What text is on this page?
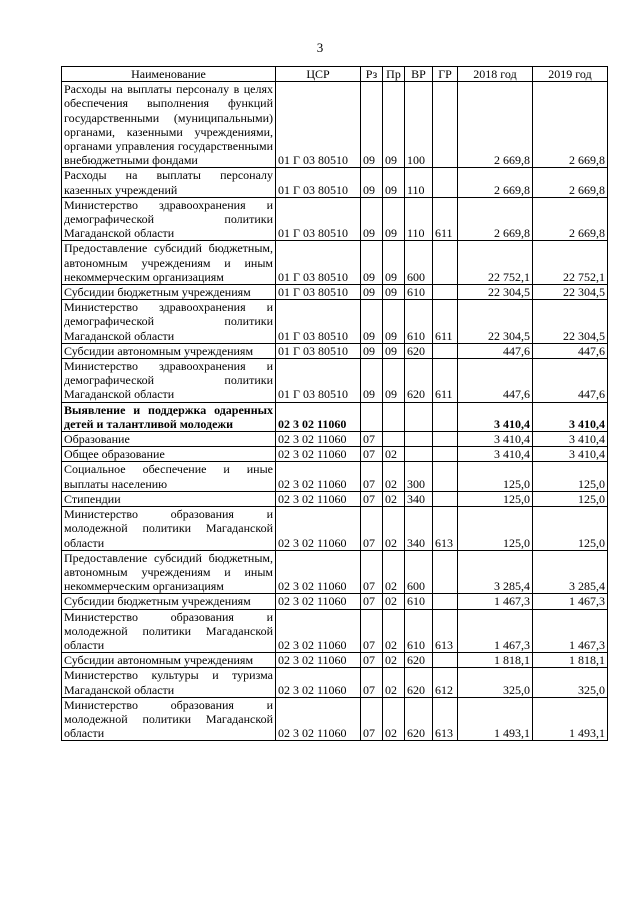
3
Наименование	ЦСР	Рз	Пр	ВР	ГР	2018 год	2019 год
Расходы на выплаты персоналу в целях обеспечения выполнения функций государственными (муниципальными) органами, казенными учреждениями, органами управления государственными внебюджетными фондами	01 Г 03 80510	09	09	100		2 669,8	2 669,8
Расходы на выплаты персоналу казенных учреждений	01 Г 03 80510	09	09	110		2 669,8	2 669,8
Министерство здравоохранения и демографической политики Магаданской области	01 Г 03 80510	09	09	110	611	2 669,8	2 669,8
Предоставление субсидий бюджетным, автономным учреждениям и иным некоммерческим организациям	01 Г 03 80510	09	09	600		22 752,1	22 752,1
Субсидии бюджетным учреждениям	01 Г 03 80510	09	09	610		22 304,5	22 304,5
Министерство здравоохранения и демографической политики Магаданской области	01 Г 03 80510	09	09	610	611	22 304,5	22 304,5
Субсидии автономным учреждениям	01 Г 03 80510	09	09	620		447,6	447,6
Министерство здравоохранения и демографической политики Магаданской области	01 Г 03 80510	09	09	620	611	447,6	447,6
Выявление и поддержка одаренных детей и талантливой молодежи	02 3 02 11060					3 410,4	3 410,4
Образование	02 3 02 11060	07				3 410,4	3 410,4
Общее образование	02 3 02 11060	07	02			3 410,4	3 410,4
Социальное обеспечение и иные выплаты населению	02 3 02 11060	07	02	300		125,0	125,0
Стипендии	02 3 02 11060	07	02	340		125,0	125,0
Министерство образования и молодежной политики Магаданской области	02 3 02 11060	07	02	340	613	125,0	125,0
Предоставление субсидий бюджетным, автономным учреждениям и иным некоммерческим организациям	02 3 02 11060	07	02	600		3 285,4	3 285,4
Субсидии бюджетным учреждениям	02 3 02 11060	07	02	610		1 467,3	1 467,3
Министерство образования и молодежной политики Магаданской области	02 3 02 11060	07	02	610	613	1 467,3	1 467,3
Субсидии автономным учреждениям	02 3 02 11060	07	02	620		1 818,1	1 818,1
Министерство культуры и туризма Магаданской области	02 3 02 11060	07	02	620	612	325,0	325,0
Министерство образования и молодежной политики Магаданской области	02 3 02 11060	07	02	620	613	1 493,1	1 493,1
